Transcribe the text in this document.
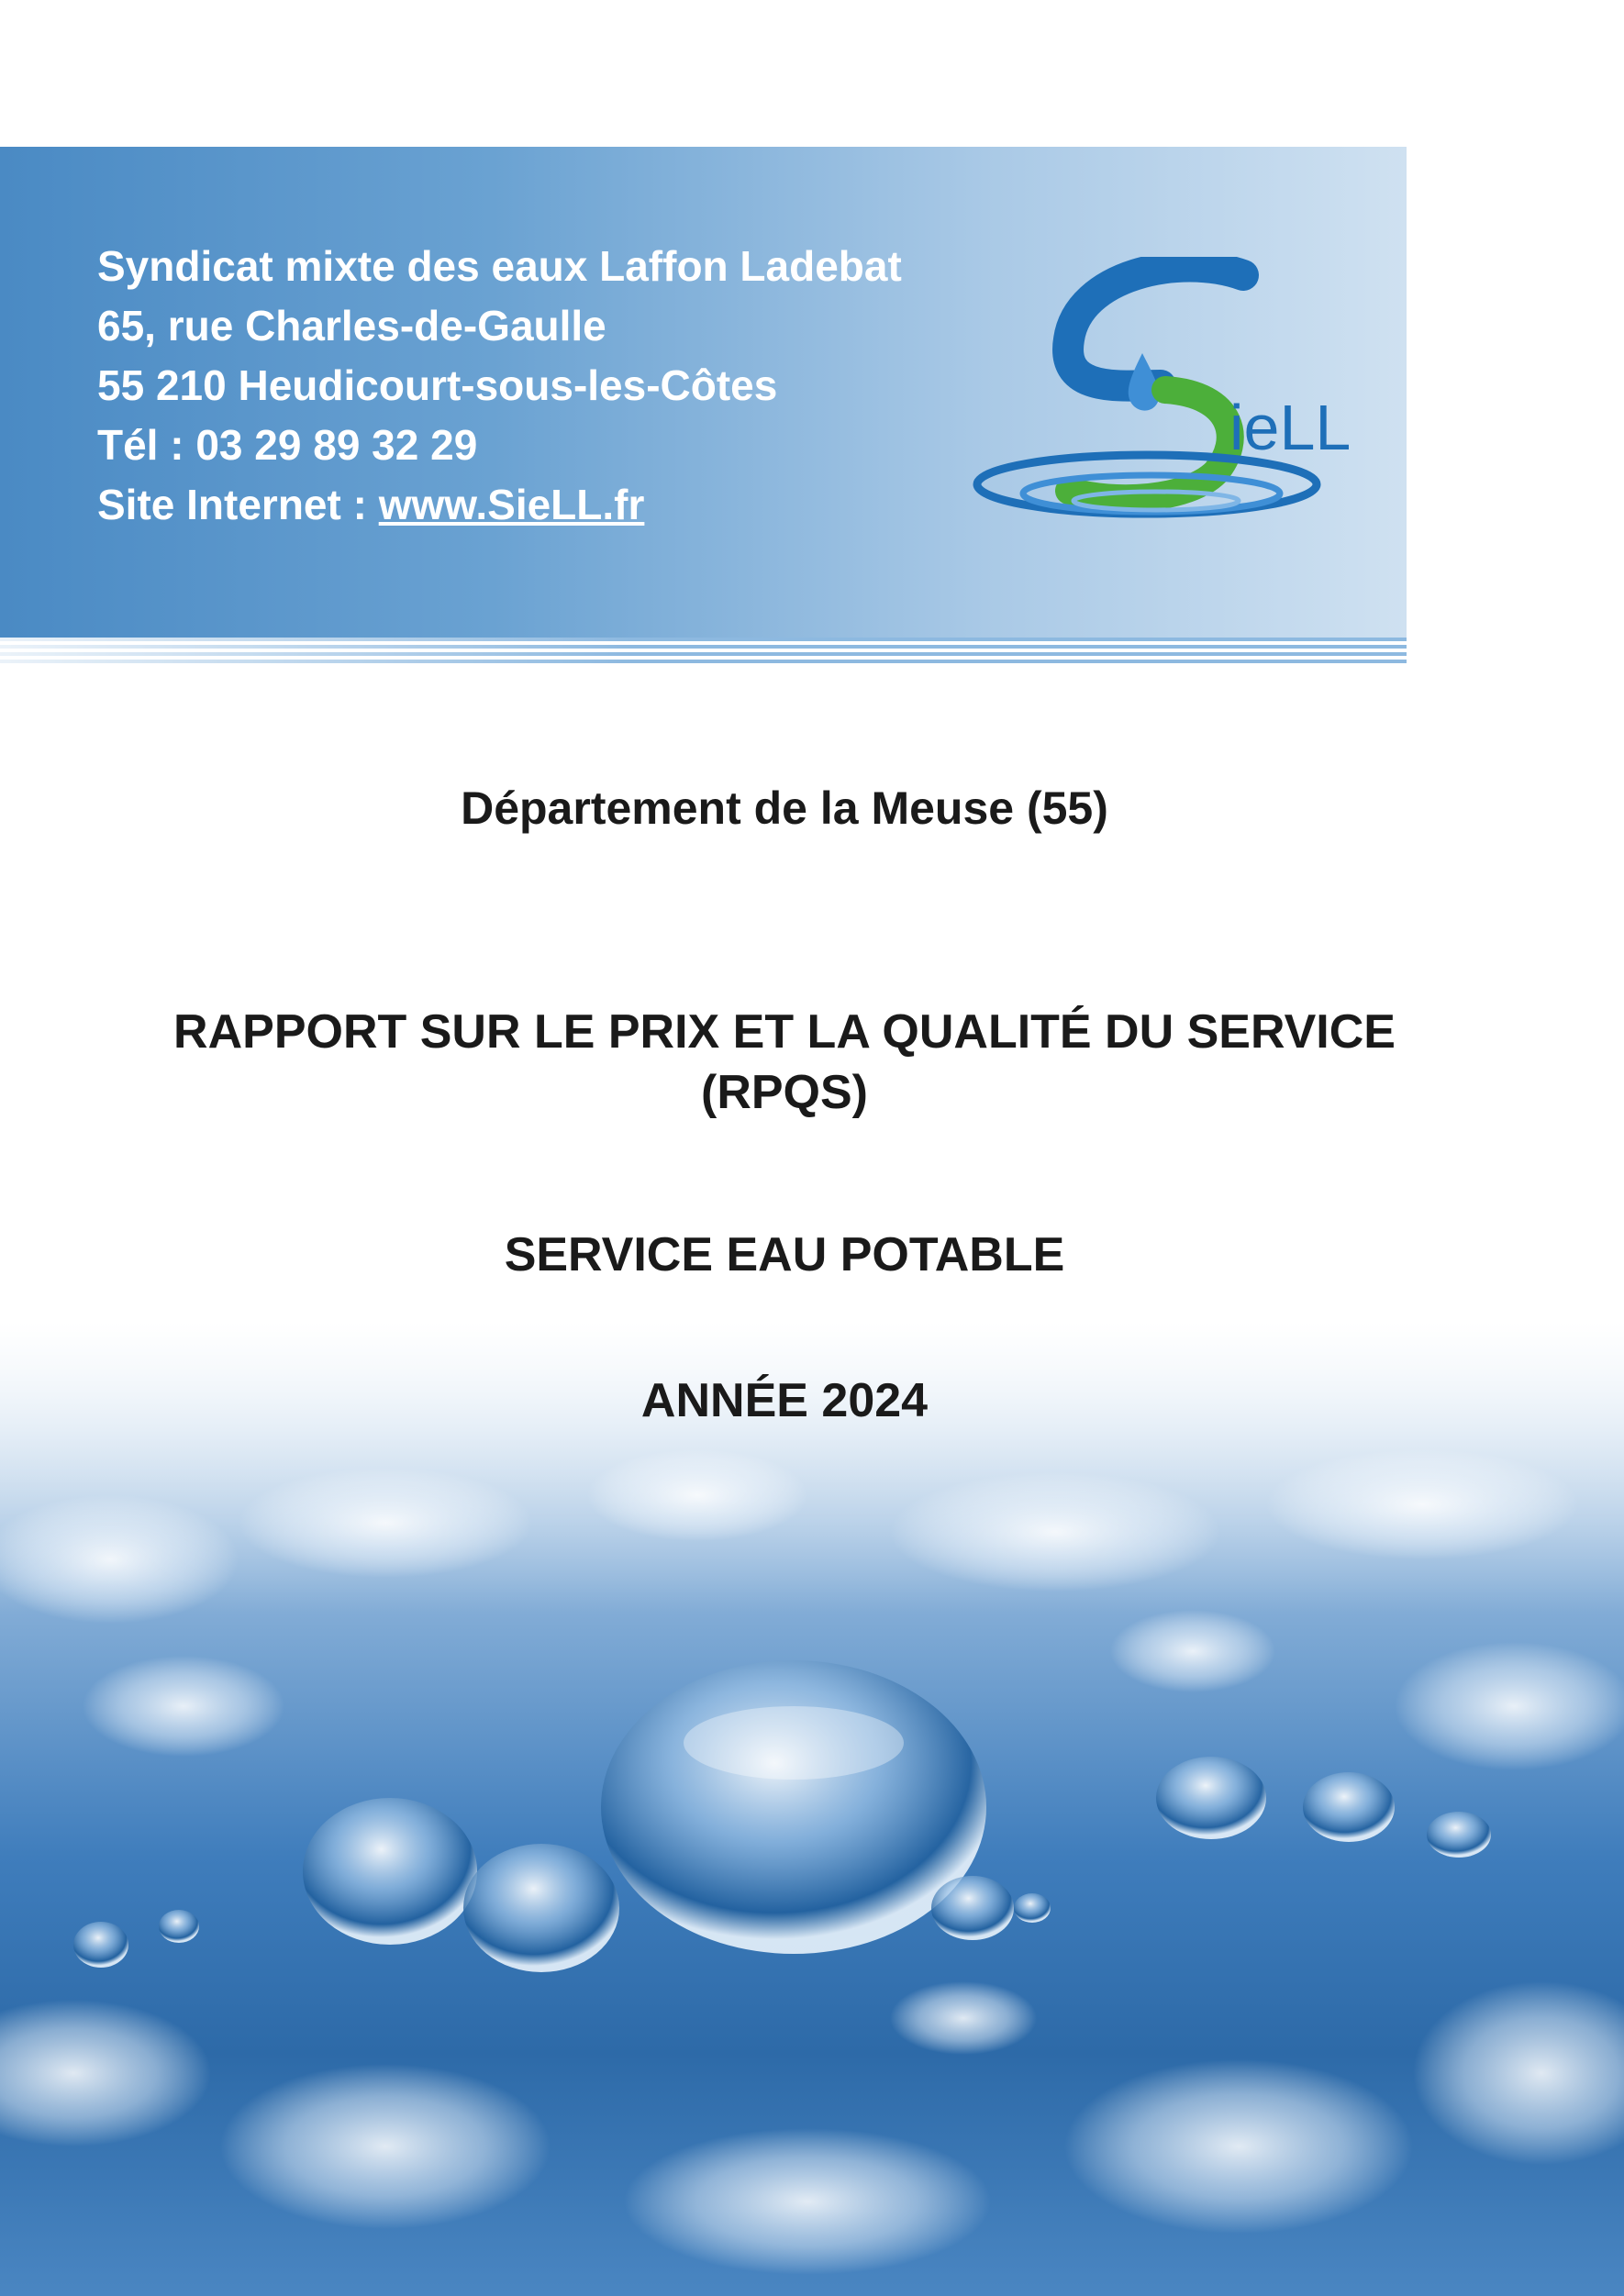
Syndicat mixte des eaux Laffon Ladebat
65, rue Charles-de-Gaulle
55 210 Heudicourt-sous-les-Côtes
Tél : 03 29 89 32 29
Site Internet : www.SieLL.fr
ieLL
Département de la Meuse (55)
RAPPORT SUR LE PRIX ET LA QUALITÉ DU SERVICE
(RPQS)
SERVICE EAU POTABLE
ANNÉE 2024
